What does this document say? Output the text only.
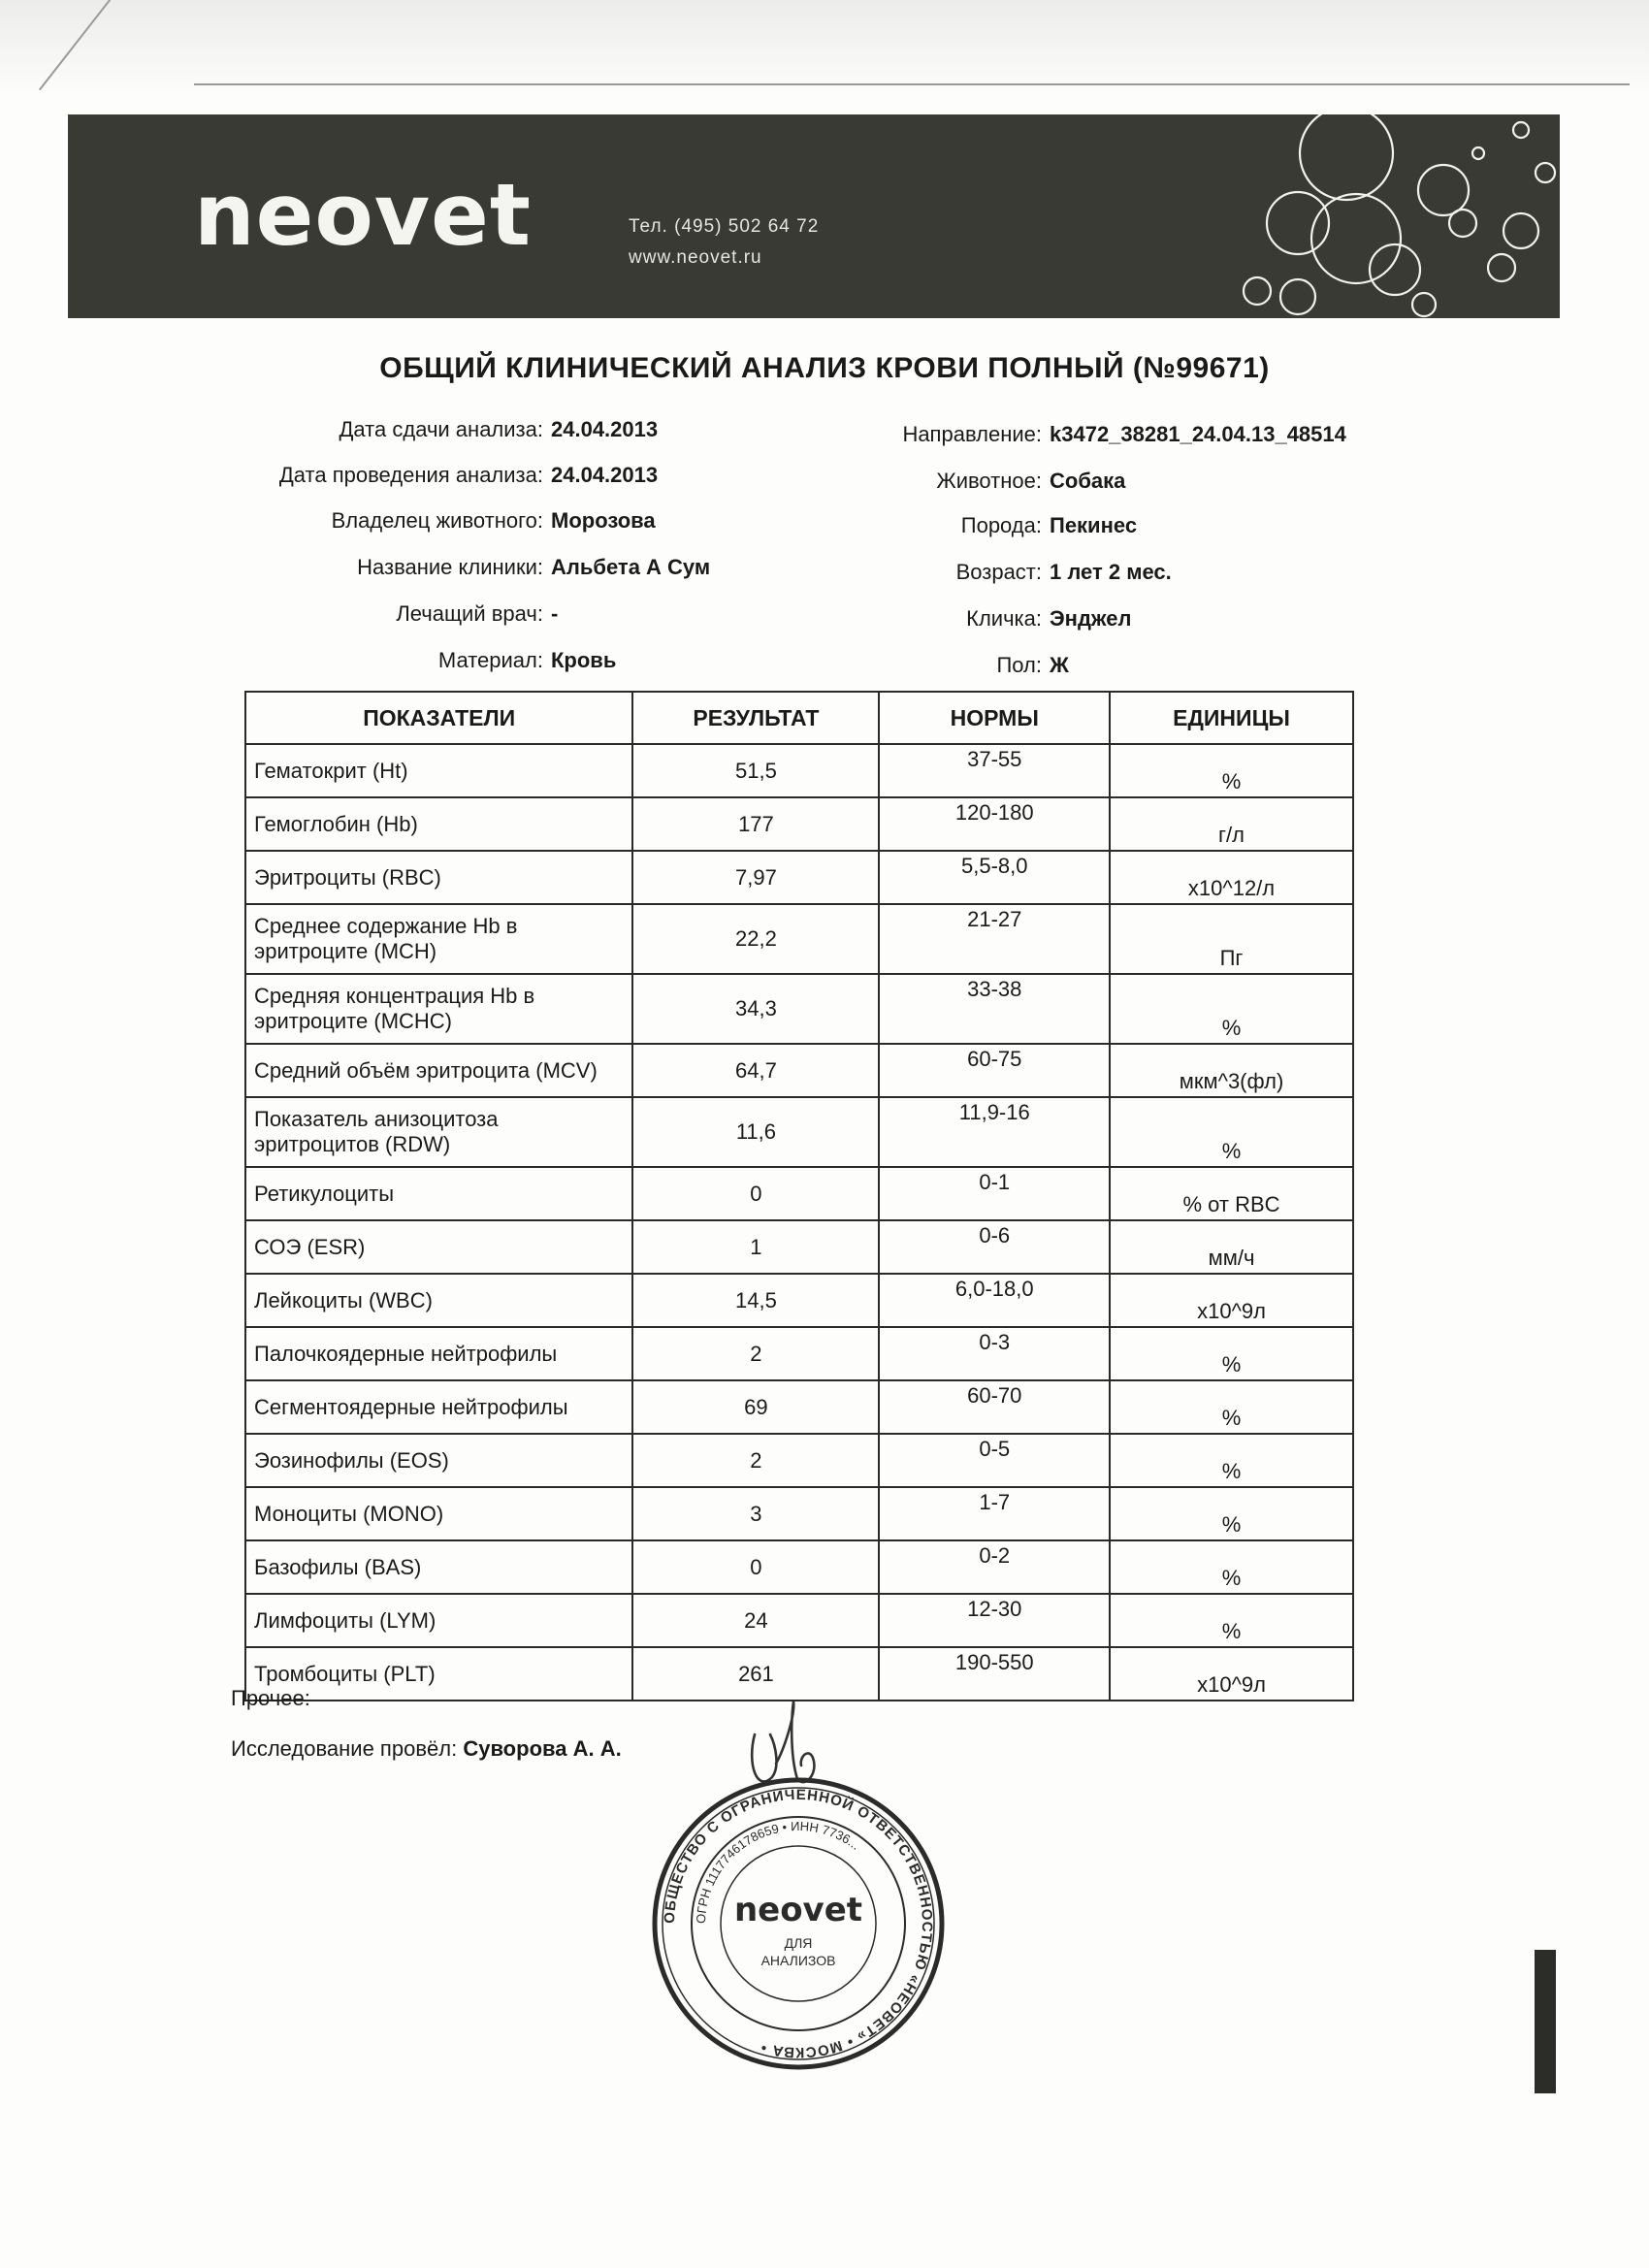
neovet	Тел. (495) 502 64 72
www.neovet.ru
ОБЩИЙ КЛИНИЧЕСКИЙ АНАЛИЗ КРОВИ ПОЛНЫЙ (№99671)
Дата сдачи анализа: 24.04.2013
Дата проведения анализа: 24.04.2013
Владелец животного: Морозова
Название клиники: Альбета А Сум
Лечащий врач: -
Материал: Кровь
Направление: k3472_38281_24.04.13_48514
Животное: Собака
Порода: Пекинес
Возраст: 1 лет 2 мес.
Кличка: Энджел
Пол: Ж
ПОКАЗАТЕЛИ	РЕЗУЛЬТАТ	НОРМЫ	ЕДИНИЦЫ
Гематокрит (Ht)	51,5	37-55	%
Гемоглобин (Hb)	177	120-180	г/л
Эритроциты (RBC)	7,97	5,5-8,0	x10^12/л
Среднее содержание Hb в эритроците (MCH)	22,2	21-27	Пг
Средняя концентрация Hb в эритроците (MCHC)	34,3	33-38	%
Средний объём эритроцита (MCV)	64,7	60-75	мкм^3(фл)
Показатель анизоцитоза эритроцитов (RDW)	11,6	11,9-16	%
Ретикулоциты	0	0-1	% от RBC
СОЭ (ESR)	1	0-6	мм/ч
Лейкоциты (WBC)	14,5	6,0-18,0	x10^9л
Палочкоядерные нейтрофилы	2	0-3	%
Сегментоядерные нейтрофилы	69	60-70	%
Эозинофилы (EOS)	2	0-5	%
Моноциты (MONO)	3	1-7	%
Базофилы (BAS)	0	0-2	%
Лимфоциты (LYM)	24	12-30	%
Тромбоциты (PLT)	261	190-550	x10^9л
Прочее:
Исследование провёл: Суворова А. А.
ОБЩЕСТВО С ОГРАНИЧЕННОЙ ОТВЕТСТВЕННОСТЬЮ «НЕОВЕТ» • МОСКВА •
ОГРН 1117746178659 • ИНН 7736...
neovet
ДЛЯ
АНАЛИЗОВ
